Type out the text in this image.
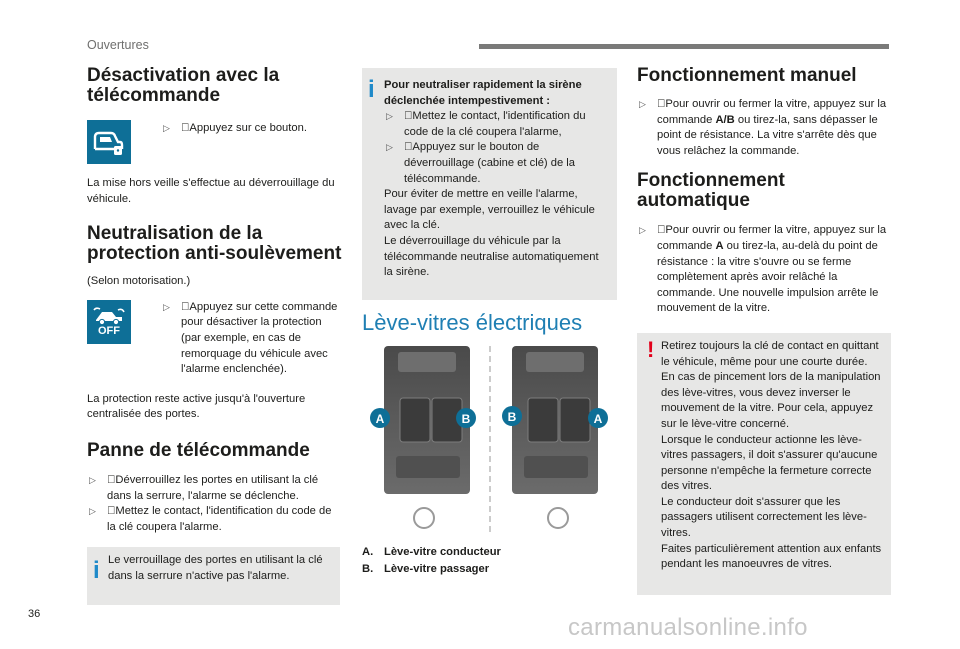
Ouvertures
Désactivation avec la
télécommande
▷ Appuyez sur ce bouton.

La mise hors veille s'effectue au déverrouillage du véhicule.

Neutralisation de la
protection anti-soulèvement

(Selon motorisation.)

OFF
▷ Appuyez sur cette commande pour désactiver la protection (par exemple, en cas de remorquage du véhicule avec l'alarme enclenchée).

La protection reste active jusqu'à l'ouverture centralisée des portes.

Panne de télécommande
▷ Déverrouillez les portes en utilisant la clé dans la serrure, l'alarme se déclenche.
▷ Mettez le contact, l'identification du code de la clé coupera l'alarme.
i Le verrouillage des portes en utilisant la clé dans la serrure n'active pas l'alarme.

i Pour neutraliser rapidement la sirène déclenchée intempestivement :

▷ Mettez le contact, l'identification du code de la clé coupera l'alarme,
▷ Appuyez sur le bouton de déverrouillage (cabine et clé) de la télécommande.

Pour éviter de mettre en veille l'alarme, lavage par exemple, verrouillez le véhicule avec la clé.

Le déverrouillage du véhicule par la télécommande neutralise automatiquement la sirène.

Lève-vitres électriques
A	B	B	A
A. Lève-vitre conducteur
B. Lève-vitre passager
Fonctionnement manuel
▷ Pour ouvrir ou fermer la vitre, appuyez sur la commande A/B ou tirez-la, sans dépasser le point de résistance. La vitre s'arrête dès que vous relâchez la commande.
Fonctionnement
automatique
▷ Pour ouvrir ou fermer la vitre, appuyez sur la commande A ou tirez-la, au-delà du point de résistance : la vitre s'ouvre ou se ferme complètement après avoir relâché la commande. Une nouvelle impulsion arrête le mouvement de la vitre.
! Retirez toujours la clé de contact en quittant le véhicule, même pour une courte durée.

En cas de pincement lors de la manipulation des lève-vitres, vous devez inverser le mouvement de la vitre. Pour cela, appuyez sur le lève-vitre concerné.

Lorsque le conducteur actionne les lève-vitres passagers, il doit s'assurer qu'aucune personne n'empêche la fermeture correcte des vitres.

Le conducteur doit s'assurer que les passagers utilisent correctement les lève-vitres.

Faites particulièrement attention aux enfants pendant les manoeuvres de vitres.

36	carmanualsonline.info
